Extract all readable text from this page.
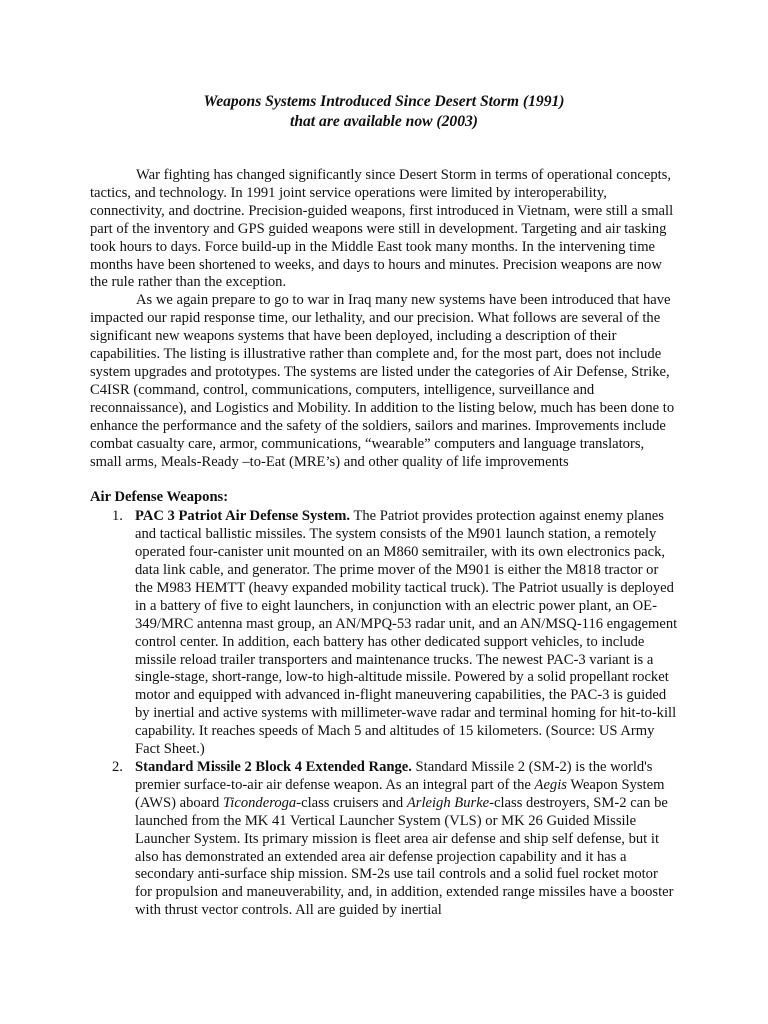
Weapons Systems Introduced Since Desert Storm (1991)

that are available now (2003)

War fighting has changed significantly since Desert Storm in terms of operational concepts, tactics, and technology. In 1991 joint service operations were limited by interoperability, connectivity, and doctrine. Precision-guided weapons, first introduced in Vietnam, were still a small part of the inventory and GPS guided weapons were still in development. Targeting and air tasking took hours to days. Force build-up in the Middle East took many months. In the intervening time months have been shortened to weeks, and days to hours and minutes. Precision weapons are now the rule rather than the exception.

As we again prepare to go to war in Iraq many new systems have been introduced that have impacted our rapid response time, our lethality, and our precision. What follows are several of the significant new weapons systems that have been deployed, including a description of their capabilities. The listing is illustrative rather than complete and, for the most part, does not include system upgrades and prototypes. The systems are listed under the categories of Air Defense, Strike, C4ISR (command, control, communications, computers, intelligence, surveillance and reconnaissance), and Logistics and Mobility. In addition to the listing below, much has been done to enhance the performance and the safety of the soldiers, sailors and marines. Improvements include combat casualty care, armor, communications, “wearable” computers and language translators, small arms, Meals-Ready –to-Eat (MRE’s) and other quality of life improvements

Air Defense Weapons:

1. PAC 3 Patriot Air Defense System. The Patriot provides protection against enemy planes and tactical ballistic missiles. The system consists of the M901 launch station, a remotely operated four-canister unit mounted on an M860 semitrailer, with its own electronics pack, data link cable, and generator. The prime mover of the M901 is either the M818 tractor or the M983 HEMTT (heavy expanded mobility tactical truck). The Patriot usually is deployed in a battery of five to eight launchers, in conjunction with an electric power plant, an OE-349/MRC antenna mast group, an AN/MPQ-53 radar unit, and an AN/MSQ-116 engagement control center. In addition, each battery has other dedicated support vehicles, to include missile reload trailer transporters and maintenance trucks. The newest PAC-3 variant is a single-stage, short-range, low-to high-altitude missile. Powered by a solid propellant rocket motor and equipped with advanced in-flight maneuvering capabilities, the PAC-3 is guided by inertial and active systems with millimeter-wave radar and terminal homing for hit-to-kill capability. It reaches speeds of Mach 5 and altitudes of 15 kilometers. (Source: US Army Fact Sheet.)
2. Standard Missile 2 Block 4 Extended Range. Standard Missile 2 (SM-2) is the world's premier surface-to-air air defense weapon. As an integral part of the Aegis Weapon System (AWS) aboard Ticonderoga-class cruisers and Arleigh Burke-class destroyers, SM-2 can be launched from the MK 41 Vertical Launcher System (VLS) or MK 26 Guided Missile Launcher System. Its primary mission is fleet area air defense and ship self defense, but it also has demonstrated an extended area air defense projection capability and it has a secondary anti-surface ship mission. SM-2s use tail controls and a solid fuel rocket motor for propulsion and maneuverability, and, in addition, extended range missiles have a booster with thrust vector controls. All are guided by inertial
